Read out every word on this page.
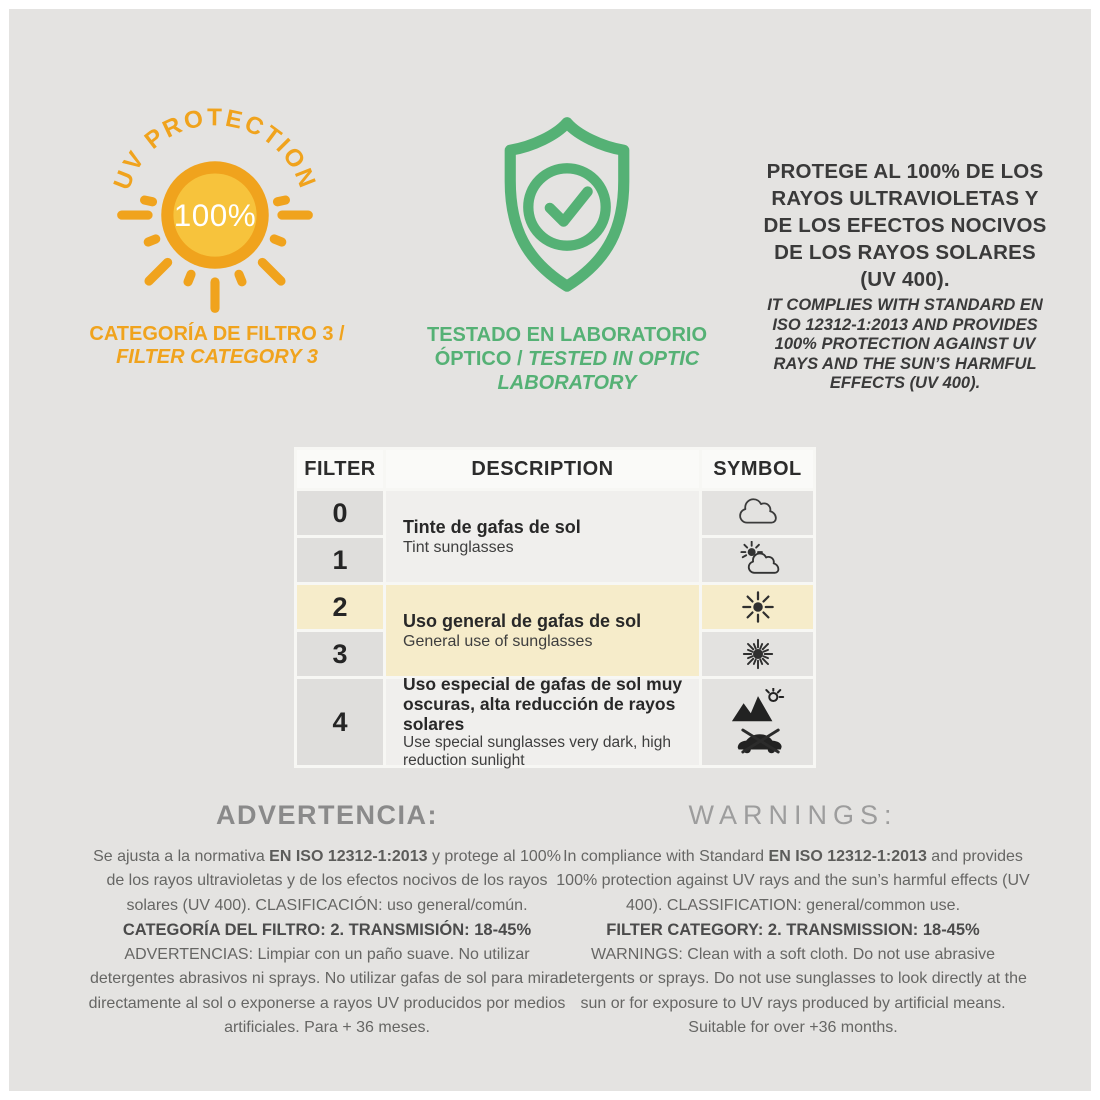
100%
UV PROTECTION
CATEGORÍA DE FILTRO 3 /
FILTER CATEGORY 3
TESTADO EN LABORATORIO ÓPTICO / TESTED IN OPTIC LABORATORY
PROTEGE AL 100% DE LOS RAYOS ULTRAVIOLETAS Y DE LOS EFECTOS NOCIVOS DE LOS RAYOS SOLARES (UV 400).
IT COMPLIES WITH STANDARD EN ISO 12312-1:2013 AND PROVIDES 100% PROTECTION AGAINST UV RAYS AND THE SUN’S HARMFUL EFFECTS (UV 400).
FILTER	DESCRIPTION	SYMBOL
0
1
2
3
4
Tinte de gafas de sol
Tint sunglasses
Uso general de gafas de sol
General use of sunglasses
Uso especial de gafas de sol muy
oscuras, alta reducción de rayos solares
Use special sunglasses very dark, high
reduction sunlight
ADVERTENCIA:

Se ajusta a la normativa EN ISO 12312-1:2013 y protege al 100% de los rayos ultravioletas y de los efectos nocivos de los rayos solares (UV 400). CLASIFICACIÓN: uso general/común.

CATEGORÍA DEL FILTRO: 2. TRANSMISIÓN: 18-45%

ADVERTENCIAS: Limpiar con un paño suave. No utilizar detergentes abrasivos ni sprays. No utilizar gafas de sol para mirar directamente al sol o exponerse a rayos UV producidos por medios artificiales. Para + 36 meses.

WARNINGS:

In compliance with Standard EN ISO 12312-1:2013 and provides 100% protection against UV rays and the sun’s harmful effects (UV 400). CLASSIFICATION: general/common use.

FILTER CATEGORY: 2. TRANSMISSION: 18-45%

WARNINGS: Clean with a soft cloth. Do not use abrasive detergents or sprays. Do not use sunglasses to look directly at the sun or for exposure to UV rays produced by artificial means. Suitable for over +36 months.
